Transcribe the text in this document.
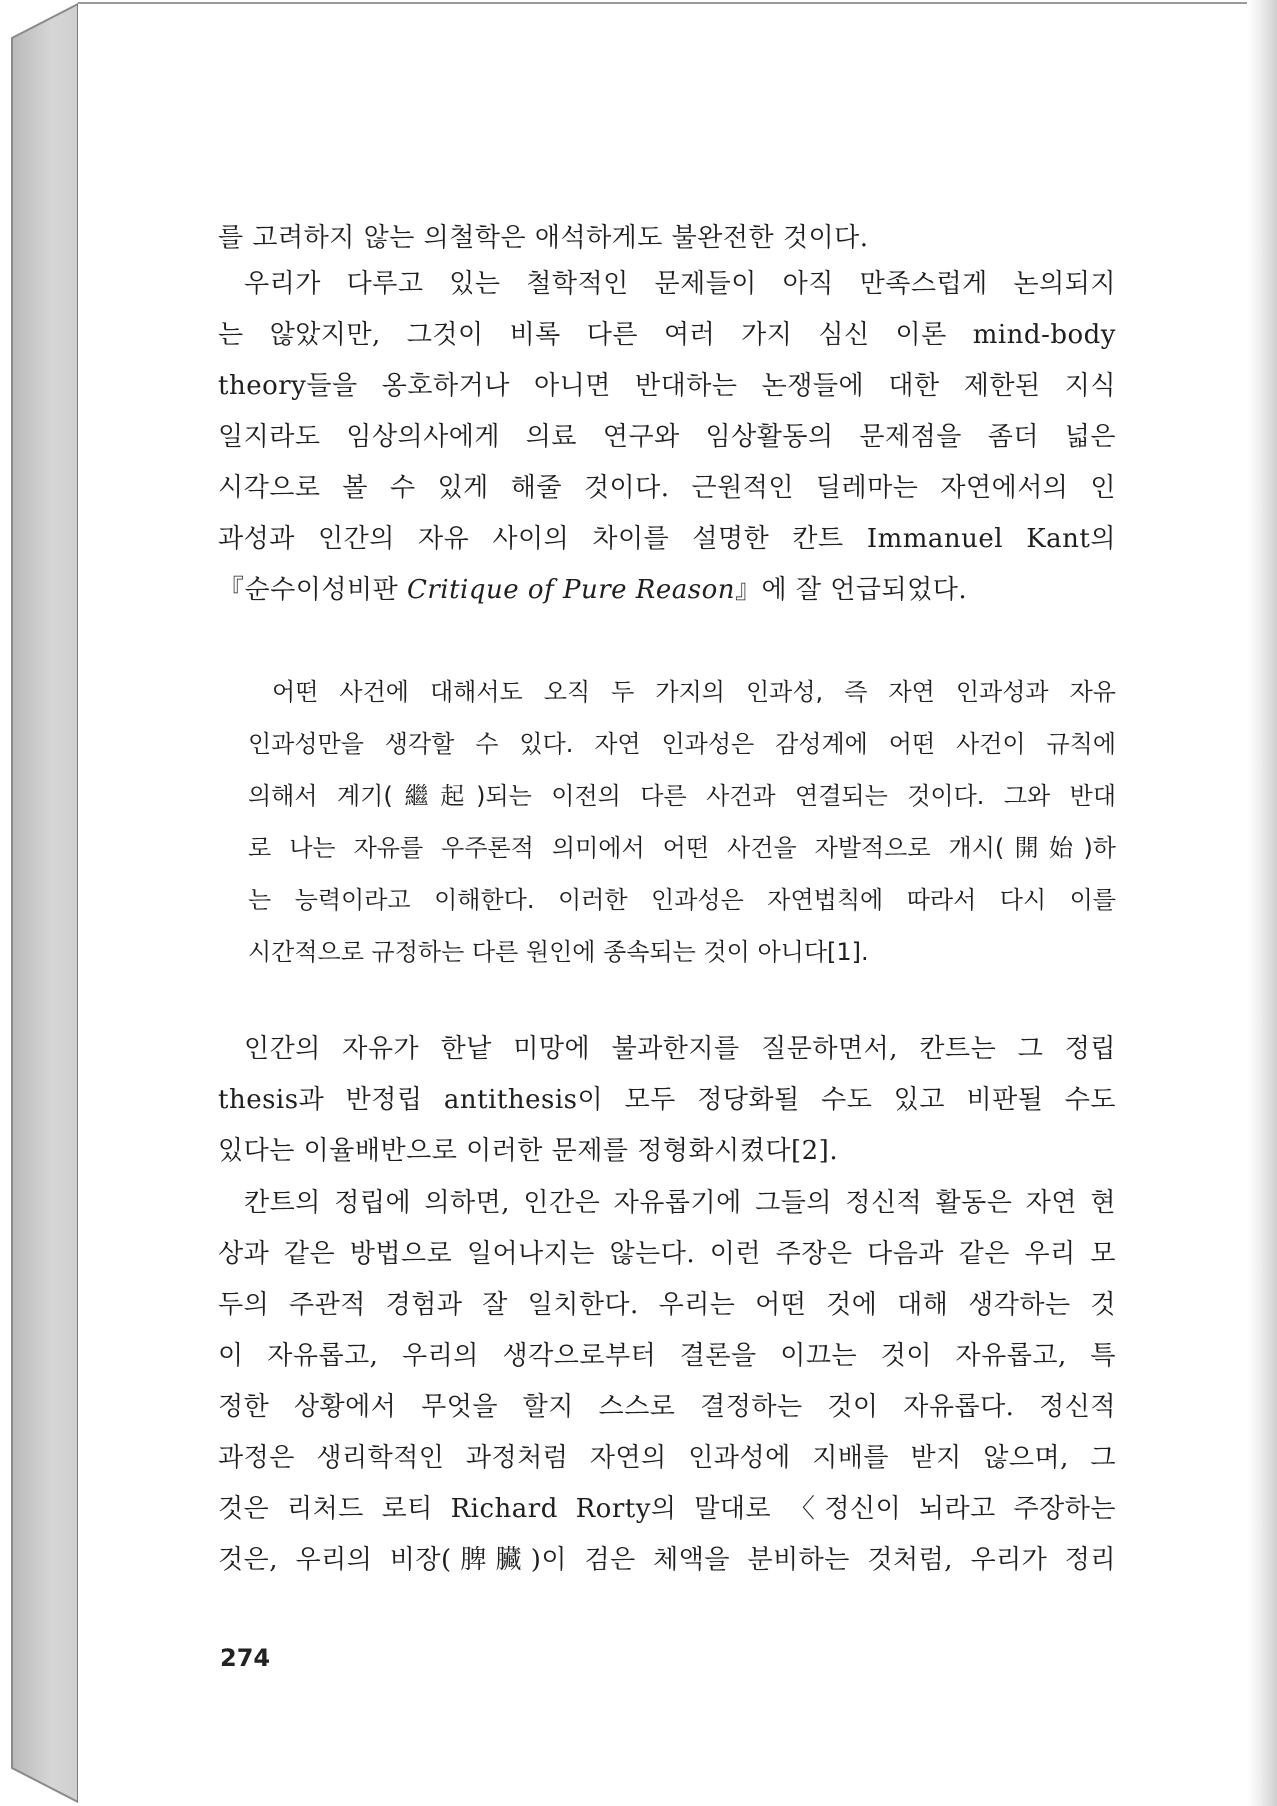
를 고려하지 않는 의철학은 애석하게도 불완전한 것이다.
우리가 다루고 있는 철학적인 문제들이 아직 만족스럽게 논의되지
는 않았지만, 그것이 비록 다른 여러 가지 심신 이론 mind-body
theory들을 옹호하거나 아니면 반대하는 논쟁들에 대한 제한된 지식
일지라도 임상의사에게 의료 연구와 임상활동의 문제점을 좀더 넓은
시각으로 볼 수 있게 해줄 것이다. 근원적인 딜레마는 자연에서의 인
과성과 인간의 자유 사이의 차이를 설명한 칸트 Immanuel Kant의
『순수이성비판 Critique of Pure Reason』에 잘 언급되었다.
어떤 사건에 대해서도 오직 두 가지의 인과성, 즉 자연 인과성과 자유
인과성만을 생각할 수 있다. 자연 인과성은 감성계에 어떤 사건이 규칙에
의해서 계기(繼起)되는 이전의 다른 사건과 연결되는 것이다. 그와 반대
로 나는 자유를 우주론적 의미에서 어떤 사건을 자발적으로 개시(開始)하
는 능력이라고 이해한다. 이러한 인과성은 자연법칙에 따라서 다시 이를
시간적으로 규정하는 다른 원인에 종속되는 것이 아니다[1].
인간의 자유가 한낱 미망에 불과한지를 질문하면서, 칸트는 그 정립
thesis과 반정립 antithesis이 모두 정당화될 수도 있고 비판될 수도
있다는 이율배반으로 이러한 문제를 정형화시켰다[2].
칸트의 정립에 의하면, 인간은 자유롭기에 그들의 정신적 활동은 자연 현
상과 같은 방법으로 일어나지는 않는다. 이런 주장은 다음과 같은 우리 모
두의 주관적 경험과 잘 일치한다. 우리는 어떤 것에 대해 생각하는 것
이 자유롭고, 우리의 생각으로부터 결론을 이끄는 것이 자유롭고, 특
정한 상황에서 무엇을 할지 스스로 결정하는 것이 자유롭다. 정신적
과정은 생리학적인 과정처럼 자연의 인과성에 지배를 받지 않으며, 그
것은 리처드 로티 Richard Rorty의 말대로 〈정신이 뇌라고 주장하는
것은, 우리의 비장(脾臟)이 검은 체액을 분비하는 것처럼, 우리가 정리
274
